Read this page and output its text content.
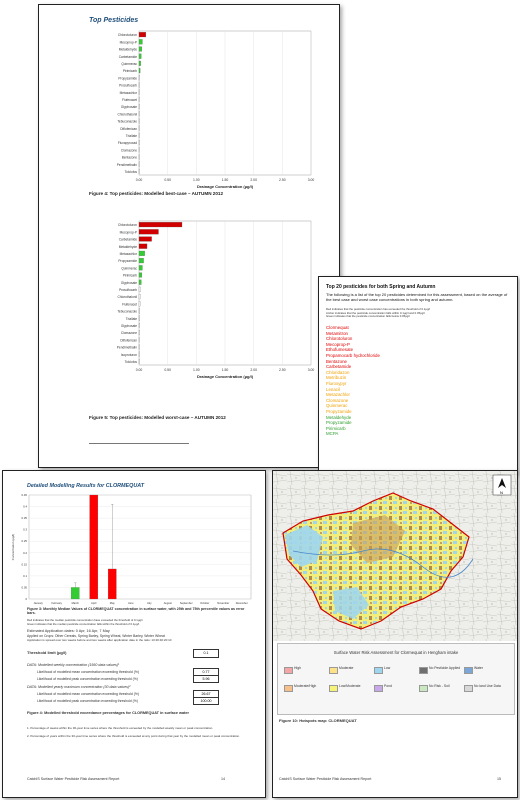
Top Pesticides
0.00	0.50	1.00	1.50	2.00	2.50	3.00
Drainage Concentration (µg/l)
Chlorotoluron
Mecoprop-P
Metaldehyde
Carbetamide
Quinmerac
Pirimicarb
Propyzamide
Prosulfocarb
Metazachlor
Flufenacet
Glyphosate
Chlorothalonil
Tebuconazole
Diflufenican
Triallate
Fluxapyroxad
Clomazone
Bentazone
Pendimethalin
Tolclofos
Figure 4: Top pesticides: Modelled best-case – AUTUMN 2012
0.00	0.50	1.00	1.50	2.00	2.50	3.00
Drainage Concentration (µg/l)
Chlorotoluron
Mecoprop-P
Carbetamide
Metaldehyde
Metazachlor
Propyzamide
Quinmerac
Pirimicarb
Glyphosate
Prosulfocarb
Chlorothalonil
Flufenacet
Tebuconazole
Triallate
Glyphosate
Clomazone
Diflufenican
Pendimethalin
Isoproturon
Tolclofos
Figure 5: Top pesticides: Modelled worst-case – AUTUMN 2012
Top 20 pesticides for both Spring and Autumn
The following is a list of the top 20 pesticides determined for this assessment, based on the average of the best case and worst case concentrations in both spring and autumn.
Red indicates that the pesticide concentration has exceeded the threshold of 0.1µg/l
Amber indicates that the pesticide concentration falls within 0.1µg/l and 0.05µg/l
Green indicates that the pesticide concentration falls below 0.05µg/l
Clormequat
Metamitron
Chlorotoluron
Mecoprop-P
Ethofumesate
Propamocarb hydrochloride
Bentazone
Carbetamide
Chloridazon
Metribuzin
Fluroxypyr
Lenacil
Metazachlor
Clomazone
Quinmerac
Propyzamide
Metaldehyde
Propyzamide
Pirimicarb
MCPA
Detailed Modelling Results for CLORMEQUAT
0
0.05
0.1
0.15
0.2
0.25
0.3
0.35
0.4
0.45
Concentration (µg/l)
January	February	March	April	May	June	July	August	September	October	November	December
Figure 3: Monthly Median Values of CLORMEQUAT concentration in surface water, with 25th and 75th percentile values as error bars.
Red indicates that the median pesticide concentration have exceeded the threshold of 0.1µg/l.
Green indicates that the median pesticide concentration falls within the threshold of 0.1µg/l.
Estimated Application dates: 0 Apr, 16 Apr, 7 May
Applied on Crops: Other Cereals, Spring Barley, Spring Wheat, Winter Barley, Winter Wheat
Application is spread over two weeks before and two weeks after application date in the ratio: 10:20:40:20:10
Threshold limit (µg/l)	0.1
DATA: Modelled weekly concentration (1560 data values)¹
Likelihood of modelled mean concentration exceeding threshold (%)	0.77
Likelihood of modelled peak concentration exceeding threshold (%)	5.96
DATA: Modelled yearly maximum concentration (30 data values)²
Likelihood of modelled mean concentration exceeding threshold (%)	26.67
Likelihood of modelled peak concentration exceeding threshold (%)	100.00
Figure 4: Modelled threshold exceedance percentages for CLORMEQUAT in surface water
1. Percentage of weeks within the 30-year time series where the threshold is exceeded by the modelled weekly mean or peak concentration.
2. Percentage of years within the 30-year time series where the threshold is exceeded at any point during that year by the modelled mean or peak concentration.
CatchIS Surface Water Pesticide Risk Assessment Report	14
N
Surface Water Risk Assessment for Clormequat in Hengham intake
High	Moderate	Low	No Pesticide Applied	Water
Moderate/High	Low/Moderate	Pond	No Risk - Soil	No land Use Data
Figure 10: Hotspots map: CLORMEQUAT
CatchIS Surface Water Pesticide Risk Assessment Report	15
